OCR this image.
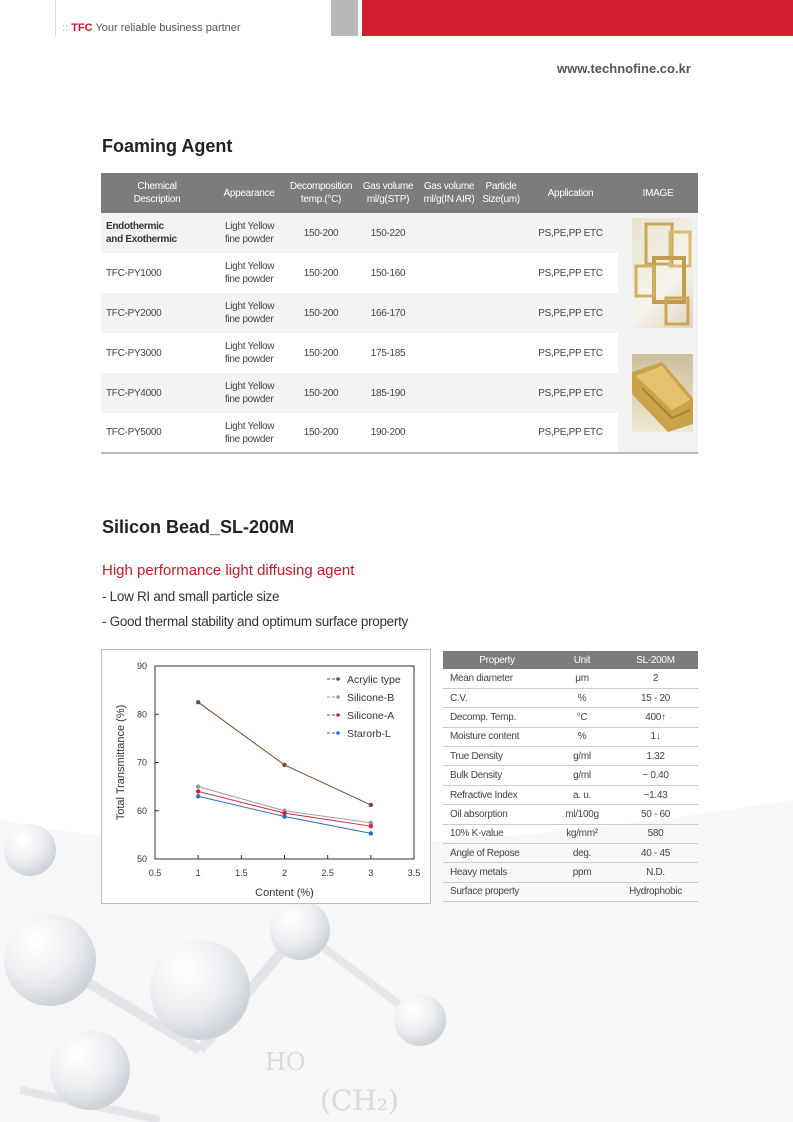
:: TFC Your reliable business partner
www.technofine.co.kr
Foaming Agent
Chemical
Description	Appearance	Decomposition
temp.(°C)	Gas volume
ml/g(STP)	Gas volume
ml/g(IN AIR)	Particle
Size(um)	Application	IMAGE
Endothermic
and Exothermic	Light Yellow
fine powder	150-200	150-220			PS,PE,PP ETC	
TFC-PY1000	Light Yellow
fine powder	150-200	150-160			PS,PE,PP ETC	
TFC-PY2000	Light Yellow
fine powder	150-200	166-170			PS,PE,PP ETC	
TFC-PY3000	Light Yellow
fine powder	150-200	175-185			PS,PE,PP ETC	
TFC-PY4000	Light Yellow
fine powder	150-200	185-190			PS,PE,PP ETC	
TFC-PY5000	Light Yellow
fine powder	150-200	190-200			PS,PE,PP ETC	
Silicon Bead_SL-200M
High performance light diffusing agent
- Low RI and small particle size
- Good thermal stability and optimum surface property
HO
(CH₂)
50
60
70
80
90
0.5	1	1.5	2	2.5	3	3.5
Content (%)
Total Transmittance (%)
Acrylic type
Silicone-B
Silicone-A
Starorb-L
Property	Unit	SL-200M
Mean diameter	μm	2
C.V.	%	15 - 20
Decomp. Temp.	°C	400↑
Moisture content	%	1↓
True Density	g/ml	1.32
Bulk Density	g/ml	~ 0.40
Refractive Index	a. u.	~1.43
Oil absorption	ml/100g	50 - 60
10% K-value	kg/mm²	580
Angle of Repose	deg.	40 - 45
Heavy metals	ppm	N.D.
Surface property		Hydrophobic
